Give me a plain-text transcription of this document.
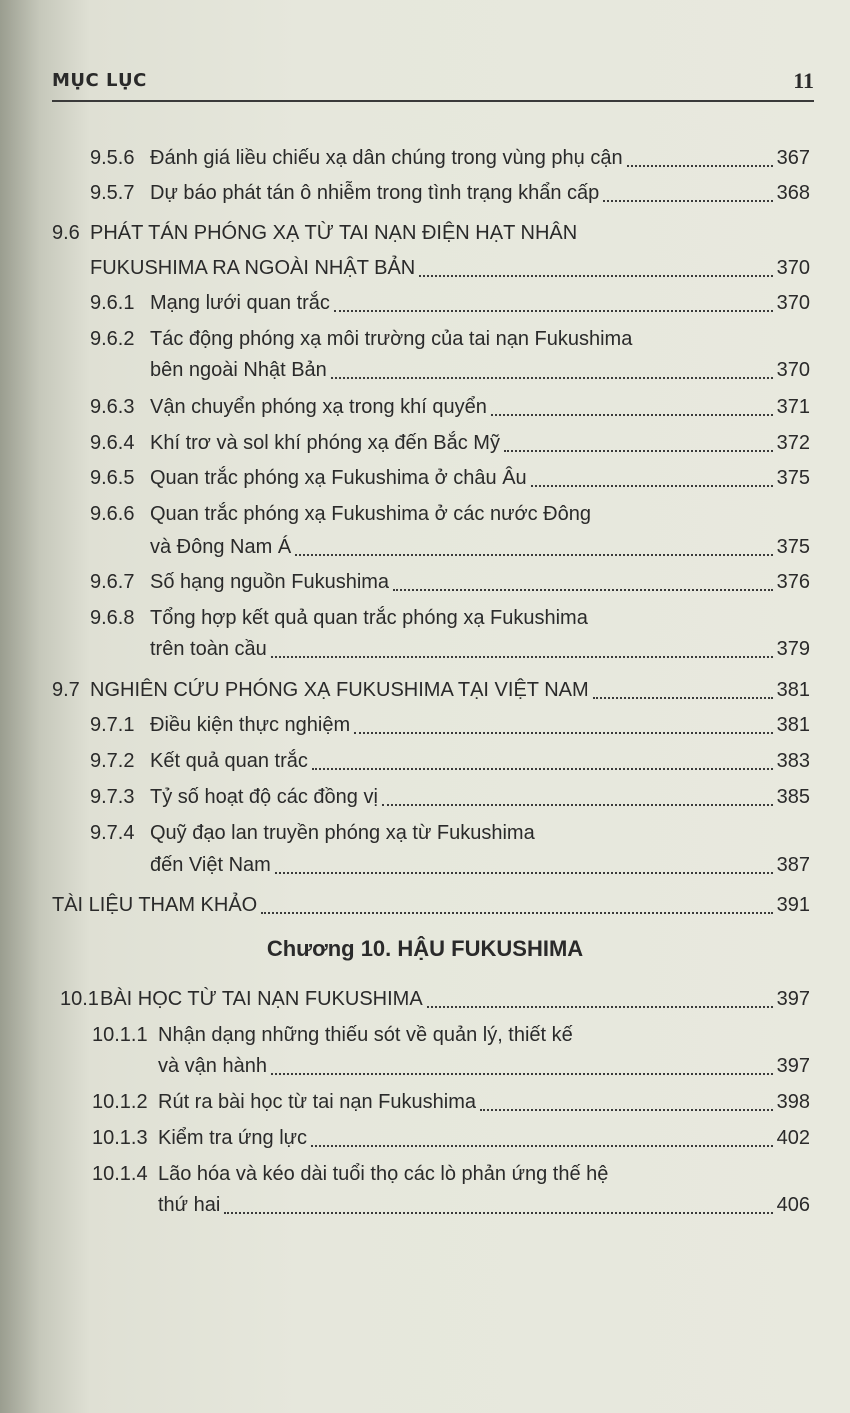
MỤC LỤC	11
9.5.6 Đánh giá liều chiếu xạ dân chúng trong vùng phụ cận	367
9.5.7 Dự báo phát tán ô nhiễm trong tình trạng khẩn cấp	368
9.6 PHÁT TÁN PHÓNG XẠ TỪ TAI NẠN ĐIỆN HẠT NHÂN
FUKUSHIMA RA NGOÀI NHẬT BẢN	370
9.6.1 Mạng lưới quan trắc	370
9.6.2 Tác động phóng xạ môi trường của tai nạn Fukushima
bên ngoài Nhật Bản	370
9.6.3 Vận chuyển phóng xạ trong khí quyển	371
9.6.4 Khí trơ và sol khí phóng xạ đến Bắc Mỹ	372
9.6.5 Quan trắc phóng xạ Fukushima ở châu Âu	375
9.6.6 Quan trắc phóng xạ Fukushima ở các nước Đông
và Đông Nam Á	375
9.6.7 Số hạng nguồn Fukushima	376
9.6.8 Tổng hợp kết quả quan trắc phóng xạ Fukushima
trên toàn cầu	379
9.7 NGHIÊN CỨU PHÓNG XẠ FUKUSHIMA TẠI VIỆT NAM	381
9.7.1 Điều kiện thực nghiệm	381
9.7.2 Kết quả quan trắc	383
9.7.3 Tỷ số hoạt độ các đồng vị	385
9.7.4 Quỹ đạo lan truyền phóng xạ từ Fukushima
đến Việt Nam	387
TÀI LIỆU THAM KHẢO	391
Chương 10. HẬU FUKUSHIMA
10.1 BÀI HỌC TỪ TAI NẠN FUKUSHIMA	397
10.1.1 Nhận dạng những thiếu sót về quản lý, thiết kế
và vận hành	397
10.1.2 Rút ra bài học từ tai nạn Fukushima	398
10.1.3 Kiểm tra ứng lực	402
10.1.4 Lão hóa và kéo dài tuổi thọ các lò phản ứng thế hệ
thứ hai	406
